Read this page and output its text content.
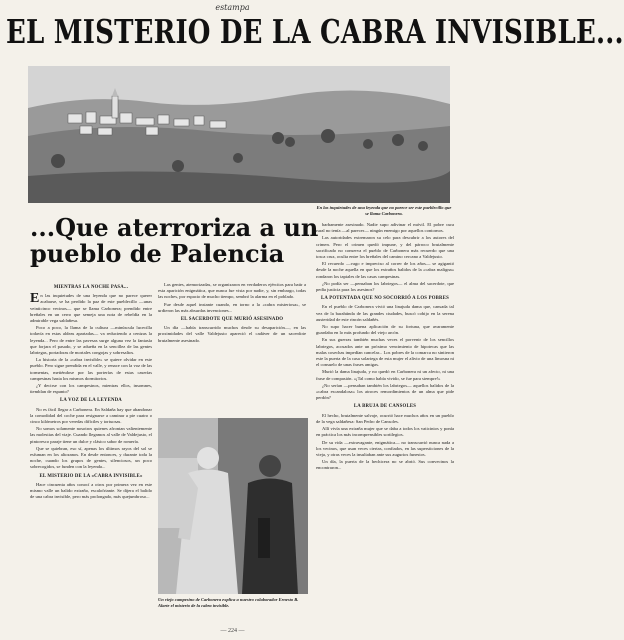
estampa
EL MISTERIO DE LA CABRA INVISIBLE...
En las inquietudes de una leyenda que no parece ser este pueblecillo que se llama Carbonera.
...Que aterroriza a un pueblo de Palencia
MIENTRAS LA NOCHE PASA...

En las inquietudes de una leyenda que no parece querer acabarse, se ha perdido la paz de este pueblecillo —unas veinticinco vecinos— que se llama Carbonera; prendido entre breñales en un cerro que semeja una nota de rebeldía en la admirable vega saldañesa.

Poco a poco, la llama de la cultura —minúscula lucecilla todavía en estas aldeas apartadas— va reduciendo a cenizas la leyenda... Pero de entre las pavesas surge alguna vez la fantasía que forjara el pasado, y se adueña en la sencillez de las gentes labriegas, portadoras de mortales congojas y sobresaltos.

La historia de la «cabra invisible» se quiere olvidar en este pueblo. Pero sigue prendida en el valle, y renace con la voz de las tormentas, metiéndose por las porterías de estas caserías campesinas hasta los mismos dormitorios.

¿Y decirse con los campesinos, mientras ellos, insomnes, tiemblan de espanto?

LA VOZ DE LA LEYENDA

No es fácil llegar a Carbonera. En Saldaña hay que abandonar la comodidad del coche para resignarse a caminar a pie cuatro o cinco kilómetros por veredas difíciles y tortuosas.

No somos solamente nosotros quienes afrontan valientemente las molestias del viaje. Cuando llegamos al valle de Valdejusto, el pintoresco paraje tiene un dulce y clásico sabor de romería.

Que se quiebran, eso sí, apenas los últimos rayos del sol se esfuman en los altozanos. En desde entonces, y durante toda la noche, cuando los grupos de gentes, silenciosos, un poco sobrecogidos, se funden con la leyenda...

EL MISTERIO DE LA «CABRA INVISIBLE»

Hace cincuenta años conocí a otros por primera vez en este mismo valle un balido extraño, escalofriante. Se dijera el balido de una cabra invisible, pero más prolongado, más quejumbroso...

Las gentes, atemorizadas, se organizaron en verdaderos ejércitos para batir a esta aparición enigmática, que nunca fue vista por nadie, y, sin embargo, todas las noches, por espacio de mucho tiempo, sembró la alarma en el poblado.

Fue desde aquel instante cuando, en torno a la «cabra misteriosa», se urdieron las más absurdas invenciones...

EL SACERDOTE QUE MURIÓ ASESINADO

Un día —había transcurrido muchos desde su desaparición—, en las proximidades del valle Valdejusto apareció el cadáver de un sacerdote brutalmente asesinado.

Un viejo campesino de Carbonera explica a nuestro colaborador Ernesto B. Alarte el misterio de la cabra invisible.

barbamente asesinado. Nadie supo adivinar el móvil. El pobre cura rural no tenía —al parecer— ningún enemigo por aquellos contornos.

Las autoridades extremaron su celo para descubrir a los autores del crimen. Pero el crimen quedó impune, y del párroco brutalmente sacrificado no conserva el pueblo de Carbonera más recuerdo que una tosca cruz, oculta entre los breñales del camino cercano a Valdejusto.

El recuerdo —vago e impreciso al correr de los años— se agigantó desde la noche aquella en que los extraños balidos de la «cabra maligna» rondaron los tapiales de las casas campesinas.

¿No podía ser —pensaban los labriegos— el alma del sacerdote, que pedía justicia para los asesinos?

LA POTENTADA QUE NO SOCORRIÓ A LOS POBRES

En el pueblo de Carbonera vivió una linajuda dama que, cansada tal vez de la barahúnda de las grandes ciudades, buscó cobijo en la serena austeridad de este rincón saldañés.

No supo hacer buena aplicación de su fortuna, que avaramente guardaba en lo más profundo del viejo arcón.

En sus guerras también muchas veces el porvenir de los sencillos labriegos, acosados ante un próximo vencimiento de hipotecas que las malas cosechas impedían cancelar... Los pobres de la comarca no sintieron este la puerta de la casa solariega de esta mujer el alivio de una limosna ni el consuelo de unas frases amigas.

Murió la dama linajuda, y no quedó en Carbonera ni un afecto, ni una frase de compasión. «¡Tal como había vivido, se fue para siempre!»

¿No serían —pensaban también los labriegos— aquellos balidos de la «cabra escandalosa» los atroces remordimientos de un alma que pide perdón?

LA BRUJA DE CANSOLES

El hecho, brutalmente salvaje, ocurrió hace muchos años en un pueblo de la vega saldañesa: San Pedro de Cansoles.

Allí vivía una extraña mujer que se daba a todos los vaticinios y ponía en práctica los más incomprensibles sortilegios.

De su vida —extravagante, enigmática— no transcurrió nunca nada a los vecinos, que usan veces ciertas, confiados, en las supersticiones de la vieja, y otras veces la insultaban ante sus augurios funestos.

Un día, la puerta de la hechicera no se abrió. Sus convecinos la encontraron...

— 224 —
